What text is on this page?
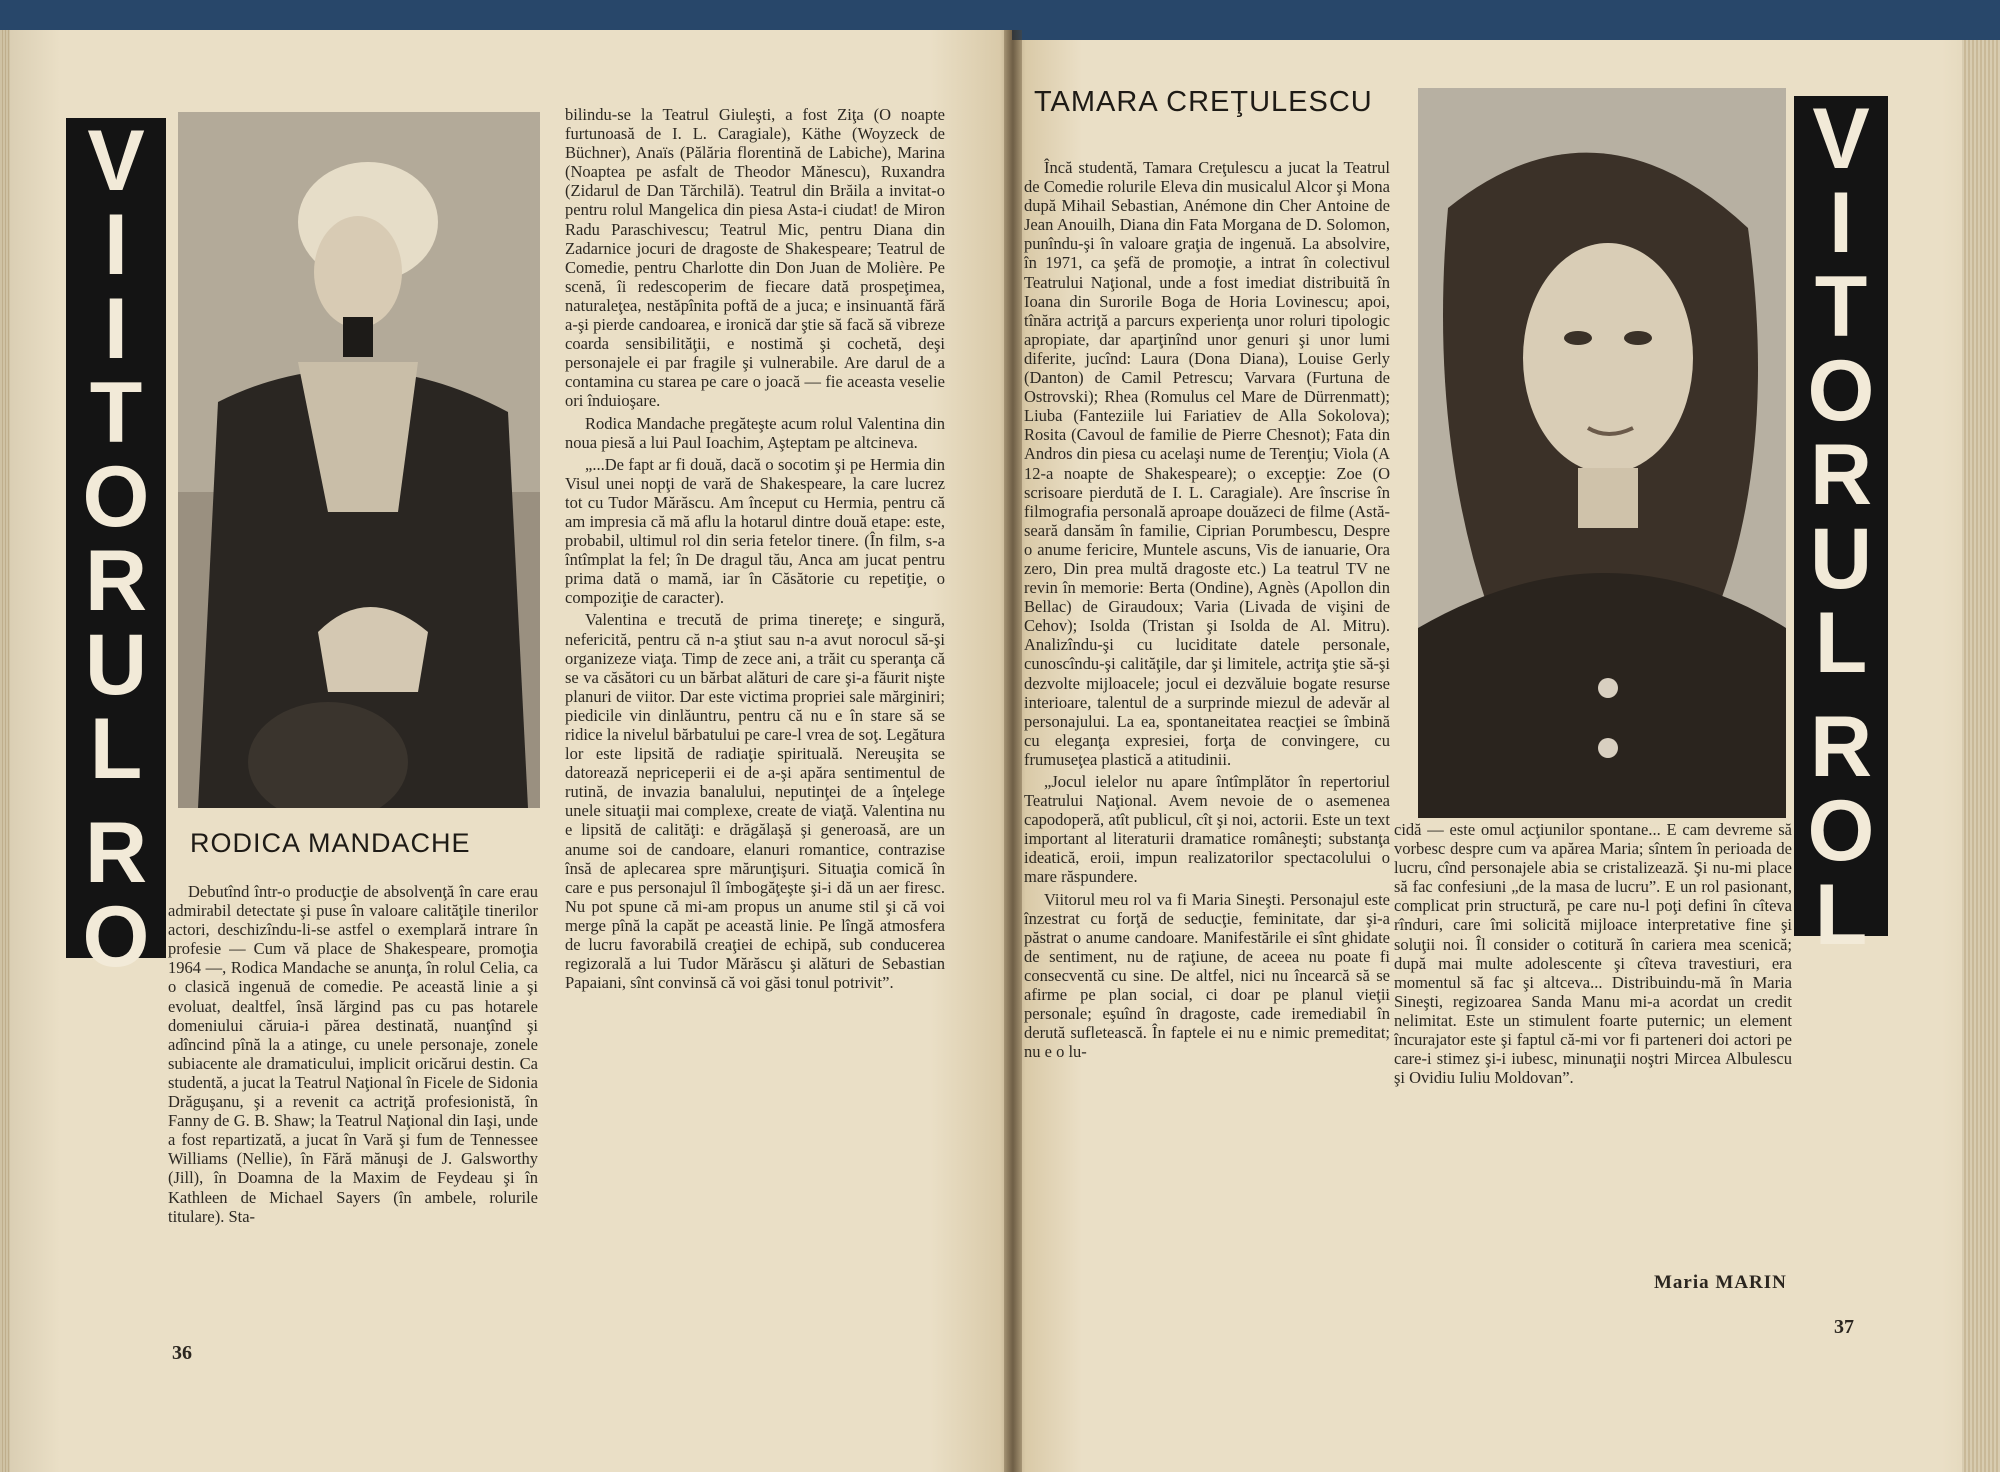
V
I
I
T
O
R
U
L
R
O
RODICA MANDACHE

Debutînd într-o producţie de absolvenţă în care erau admirabil detectate şi puse în valoare calităţile tinerilor actori, deschizîndu-li-se astfel o exemplară intrare în profesie — Cum vă place de Shakespeare, promoţia 1964 —, Rodica Mandache se anunţa, în rolul Celia, ca o clasică ingenuă de comedie. Pe această linie a şi evoluat, dealtfel, însă lărgind pas cu pas hotarele domeniului căruia-i părea destinată, nuanţînd şi adîncind pînă la a atinge, cu unele personaje, zonele subiacente ale dramaticului, implicit oricărui destin. Ca studentă, a jucat la Teatrul Naţional în Ficele de Sidonia Drăguşanu, şi a revenit ca actriţă profesionistă, în Fanny de G. B. Shaw; la Teatrul Naţional din Iaşi, unde a fost repartizată, a jucat în Vară şi fum de Tennessee Williams (Nellie), în Fără mănuşi de J. Galsworthy (Jill), în Doamna de la Maxim de Feydeau şi în Kathleen de Michael Sayers (în ambele, rolurile titulare). Sta-

bilindu-se la Teatrul Giuleşti, a fost Ziţa (O noapte furtunoasă de I. L. Caragiale), Käthe (Woyzeck de Büchner), Anaïs (Pălăria florentină de Labiche), Marina (Noaptea pe asfalt de Theodor Mănescu), Ruxandra (Zidarul de Dan Tărchilă). Teatrul din Brăila a invitat-o pentru rolul Mangelica din piesa Asta-i ciudat! de Miron Radu Paraschivescu; Teatrul Mic, pentru Diana din Zadarnice jocuri de dragoste de Shakespeare; Teatrul de Comedie, pentru Charlotte din Don Juan de Molière. Pe scenă, îi redescoperim de fiecare dată prospeţimea, naturaleţea, nestăpînita poftă de a juca; e insinuantă fără a-şi pierde candoarea, e ironică dar ştie să facă să vibreze coarda sensibilităţii, e nostimă şi cochetă, deşi personajele ei par fragile şi vulnerabile. Are darul de a contamina cu starea pe care o joacă — fie aceasta veselie ori înduioşare.

Rodica Mandache pregăteşte acum rolul Valentina din noua piesă a lui Paul Ioachim, Aşteptam pe altcineva.

„...De fapt ar fi două, dacă o socotim şi pe Hermia din Visul unei nopţi de vară de Shakespeare, la care lucrez tot cu Tudor Mărăscu. Am început cu Hermia, pentru că am impresia că mă aflu la hotarul dintre două etape: este, probabil, ultimul rol din seria fetelor tinere. (În film, s-a întîmplat la fel; în De dragul tău, Anca am jucat pentru prima dată o mamă, iar în Căsătorie cu repetiţie, o compoziţie de caracter).

Valentina e trecută de prima tinereţe; e singură, nefericită, pentru că n-a ştiut sau n-a avut norocul să-şi organizeze viaţa. Timp de zece ani, a trăit cu speranţa că se va căsători cu un bărbat alături de care şi-a făurit nişte planuri de viitor. Dar este victima propriei sale mărginiri; piedicile vin dinlăuntru, pentru că nu e în stare să se ridice la nivelul bărbatului pe care-l vrea de soţ. Legătura lor este lipsită de radiaţie spirituală. Nereuşita se datorează nepriceperii ei de a-şi apăra sentimentul de rutină, de invazia banalului, neputinţei de a înţelege unele situaţii mai complexe, create de viaţă. Valentina nu e lipsită de calităţi: e drăgălaşă şi generoasă, are un anume soi de candoare, elanuri romantice, contrazise însă de aplecarea spre mărunţişuri. Situaţia comică în care e pus personajul îl îmbogăţeşte şi-i dă un aer firesc. Nu pot spune că mi-am propus un anume stil şi că voi merge pînă la capăt pe această linie. Pe lîngă atmosfera de lucru favorabilă creaţiei de echipă, sub conducerea regizorală a lui Tudor Mărăscu şi alături de Sebastian Papaiani, sînt convinsă că voi găsi tonul potrivit”.

36
TAMARA CREŢULESCU

Încă studentă, Tamara Creţulescu a jucat la Teatrul de Comedie rolurile Eleva din musicalul Alcor şi Mona după Mihail Sebastian, Anémone din Cher Antoine de Jean Anouilh, Diana din Fata Morgana de D. Solomon, punîndu-şi în valoare graţia de ingenuă. La absolvire, în 1971, ca şefă de promoţie, a intrat în colectivul Teatrului Naţional, unde a fost imediat distribuită în Ioana din Surorile Boga de Horia Lovinescu; apoi, tînăra actriţă a parcurs experienţa unor roluri tipologic apropiate, dar aparţinînd unor genuri şi unor lumi diferite, jucînd: Laura (Dona Diana), Louise Gerly (Danton) de Camil Petrescu; Varvara (Furtuna de Ostrovski); Rhea (Romulus cel Mare de Dürrenmatt); Liuba (Fanteziile lui Fariatiev de Alla Sokolova); Rosita (Cavoul de familie de Pierre Chesnot); Fata din Andros din piesa cu acelaşi nume de Terenţiu; Viola (A 12-a noapte de Shakespeare); o excepţie: Zoe (O scrisoare pierdută de I. L. Caragiale). Are înscrise în filmografia personală aproape douăzeci de filme (Astă-seară dansăm în familie, Ciprian Porumbescu, Despre o anume fericire, Muntele ascuns, Vis de ianuarie, Ora zero, Din prea multă dragoste etc.) La teatrul TV ne revin în memorie: Berta (Ondine), Agnès (Apollon din Bellac) de Giraudoux; Varia (Livada de vişini de Cehov); Isolda (Tristan şi Isolda de Al. Mitru). Analizîndu-şi cu luciditate datele personale, cunoscîndu-şi calităţile, dar şi limitele, actriţa ştie să-şi dezvolte mijloacele; jocul ei dezvăluie bogate resurse interioare, talentul de a surprinde miezul de adevăr al personajului. La ea, spontaneitatea reacţiei se îmbină cu eleganţa expresiei, forţa de convingere, cu frumuseţea plastică a atitudinii.

„Jocul ielelor nu apare întîmplător în repertoriul Teatrului Naţional. Avem nevoie de o asemenea capodoperă, atît publicul, cît şi noi, actorii. Este un text important al literaturii dramatice româneşti; substanţa ideatică, eroii, impun realizatorilor spectacolului o mare răspundere.

Viitorul meu rol va fi Maria Sineşti. Personajul este înzestrat cu forţă de seducţie, feminitate, dar şi-a păstrat o anume candoare. Manifestările ei sînt ghidate de sentiment, nu de raţiune, de aceea nu poate fi consecventă cu sine. De altfel, nici nu încearcă să se afirme pe plan social, ci doar pe planul vieţii personale; eşuînd în dragoste, cade iremediabil în derută sufletească. În faptele ei nu e nimic premeditat; nu e o lu-

V
I
T
O
R
U
L
R
O
L

cidă — este omul acţiunilor spontane... E cam devreme să vorbesc despre cum va apărea Maria; sîntem în perioada de lucru, cînd personajele abia se cristalizează. Şi nu-mi place să fac confesiuni „de la masa de lucru”. E un rol pasionant, complicat prin structură, pe care nu-l poţi defini în cîteva rînduri, care îmi solicită mijloace interpretative fine şi soluţii noi. Îl consider o cotitură în cariera mea scenică; după mai multe adolescente şi cîteva travestiuri, era momentul să fac şi altceva... Distribuindu-mă în Maria Sineşti, regizoarea Sanda Manu mi-a acordat un credit nelimitat. Este un stimulent foarte puternic; un element încurajator este şi faptul că-mi vor fi parteneri doi actori pe care-i stimez şi-i iubesc, minunaţii noştri Mircea Albulescu şi Ovidiu Iuliu Moldovan”.

Maria MARIN
37
